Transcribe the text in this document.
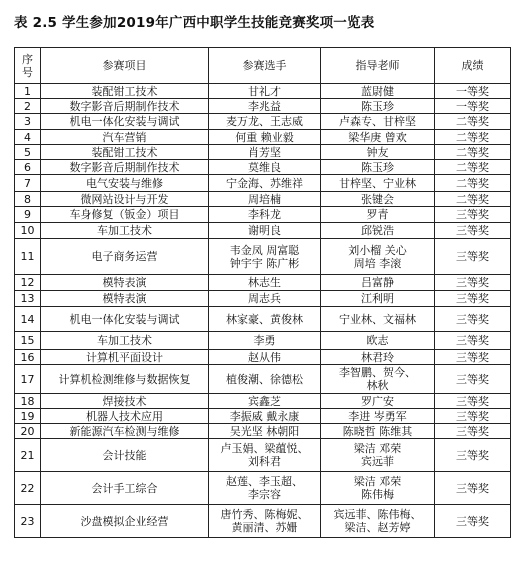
表 2.5 学生参加2019年广西中职学生技能竞赛奖项一览表
序
号	参赛项目	参赛选手	指导老师	成绩
1	装配钳工技术	甘礼才	蓝尉健	一等奖
2	数字影音后期制作技术	李兆益	陈玉珍	一等奖
3	机电一体化安装与调试	麦万龙、王志威	卢森专、甘梓坚	二等奖
4	汽车营销	何重 赖业毅	梁华庚 曾欢	二等奖
5	装配钳工技术	肖芳坚	钟友	二等奖
6	数字影音后期制作技术	莫维良	陈玉珍	二等奖
7	电气安装与维修	宁金海、苏维祥	甘梓坚、宁业林	二等奖
8	微网站设计与开发	周培楠	张键会	二等奖
9	车身修复（钣金）项目	李科龙	罗青	三等奖
10	车加工技术	谢明良	邱锐浩	三等奖
11	电子商务运营	韦金凤 周富聪
钟宇宇 陈广彬	刘小榴 关心
周培 李滚	三等奖
12	模特表演	林志生	吕富静	三等奖
13	模特表演	周志兵	江利明	三等奖
14	机电一体化安装与调试	林家豪、黄俊林	宁业林、文福林	三等奖
15	车加工技术	李勇	欧志	三等奖
16	计算机平面设计	赵从伟	林君玲	三等奖
17	计算机检测维修与数据恢复	植俊潮、徐德松	李智鹏、贺今、
林秋	三等奖
18	焊接技术	宾鑫芝	罗广安	三等奖
19	机器人技术应用	李振威 戴永康	李进 岑勇军	三等奖
20	新能源汽车检测与维修	吴光坚 林朝阳	陈晓哲 陈维其	三等奖
21	会计技能	卢玉娟、梁蕴悦、
刘科君	梁洁 邓荣
宾远菲	三等奖
22	会计手工综合	赵莲、李玉超、
李宗容	梁洁 邓荣
陈伟梅	三等奖
23	沙盘模拟企业经营	唐竹秀、陈梅妮、
黄丽清、苏姗	宾远菲、陈伟梅、
梁洁、赵芳婷	三等奖
